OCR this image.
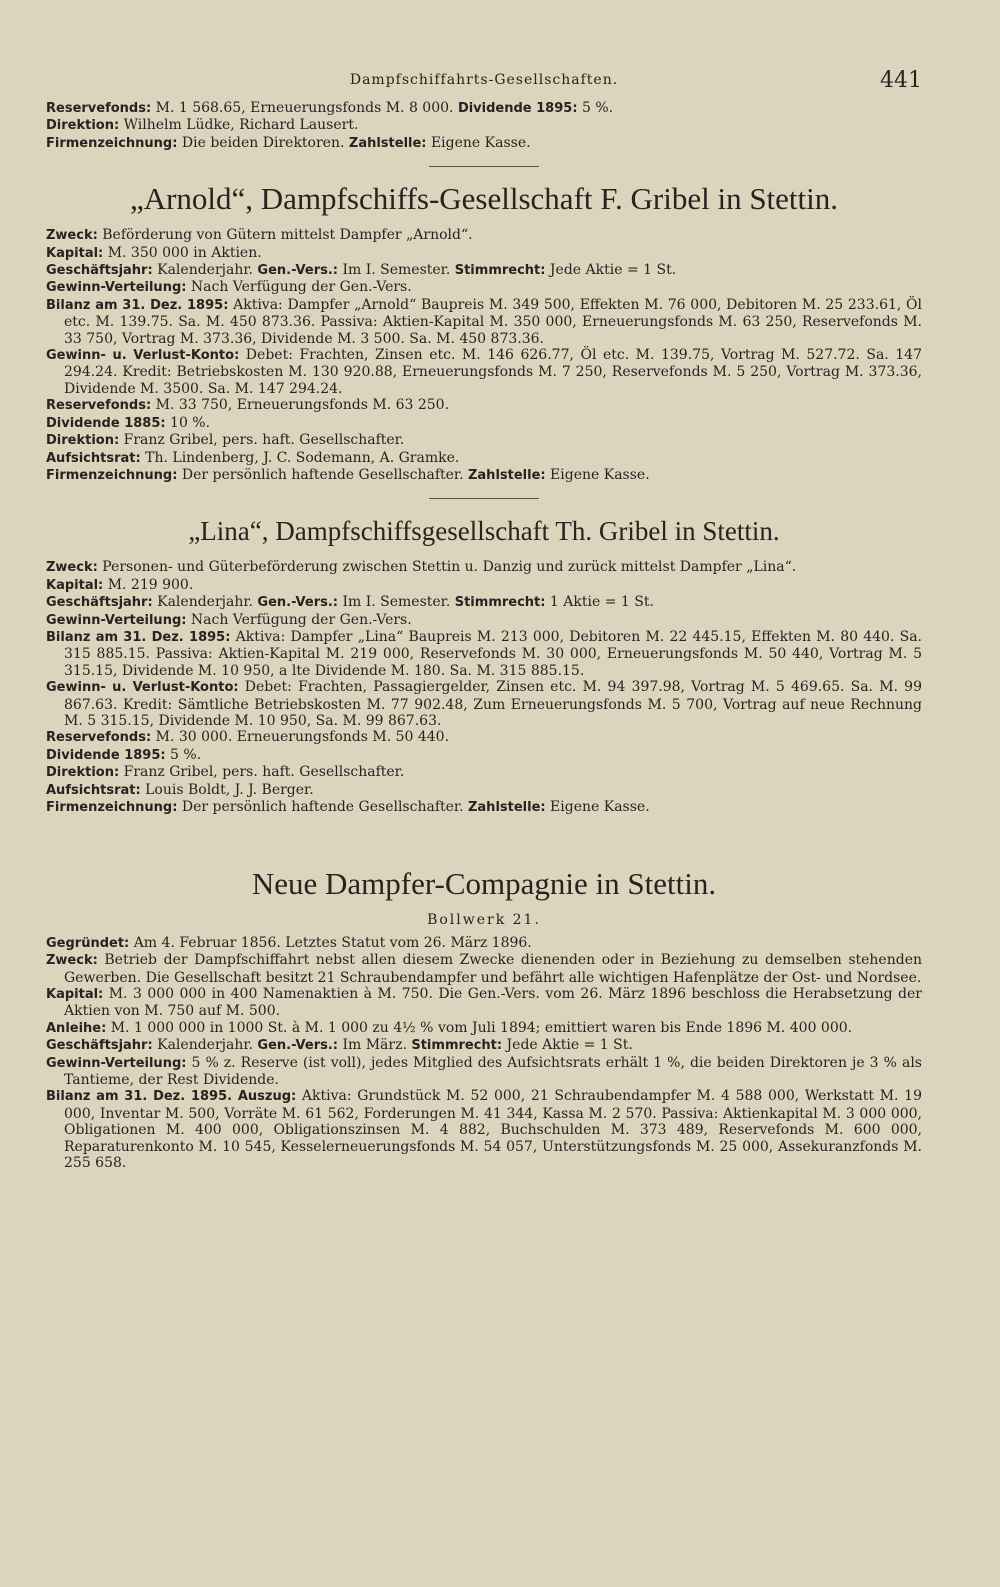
Dampfschiffahrts-Gesellschaften.	441

Reservefonds: M. 1 568.65, Erneuerungsfonds M. 8 000. Dividende 1895: 5 %.

Direktion: Wilhelm Lüdke, Richard Lausert.

Firmenzeichnung: Die beiden Direktoren. Zahlstelle: Eigene Kasse.

„Arnold“, Dampfschiffs-Gesellschaft F. Gribel in Stettin.

Zweck: Beförderung von Gütern mittelst Dampfer „Arnold“.

Kapital: M. 350 000 in Aktien.

Geschäftsjahr: Kalenderjahr. Gen.-Vers.: Im I. Semester. Stimmrecht: Jede Aktie = 1 St.

Gewinn-Verteilung: Nach Verfügung der Gen.-Vers.

Bilanz am 31. Dez. 1895: Aktiva: Dampfer „Arnold“ Baupreis M. 349 500, Effekten M. 76 000, Debitoren M. 25 233.61, Öl etc. M. 139.75. Sa. M. 450 873.36. Passiva: Aktien-Kapital M. 350 000, Erneuerungsfonds M. 63 250, Reservefonds M. 33 750, Vortrag M. 373.36, Dividende M. 3 500. Sa. M. 450 873.36.

Gewinn- u. Verlust-Konto: Debet: Frachten, Zinsen etc. M. 146 626.77, Öl etc. M. 139.75, Vortrag M. 527.72. Sa. 147 294.24. Kredit: Betriebskosten M. 130 920.88, Erneuerungsfonds M. 7 250, Reservefonds M. 5 250, Vortrag M. 373.36, Dividende M. 3500. Sa. M. 147 294.24.

Reservefonds: M. 33 750, Erneuerungsfonds M. 63 250.

Dividende 1885: 10 %.

Direktion: Franz Gribel, pers. haft. Gesellschafter.

Aufsichtsrat: Th. Lindenberg, J. C. Sodemann, A. Gramke.

Firmenzeichnung: Der persönlich haftende Gesellschafter. Zahlstelle: Eigene Kasse.

„Lina“, Dampfschiffsgesellschaft Th. Gribel in Stettin.

Zweck: Personen- und Güterbeförderung zwischen Stettin u. Danzig und zurück mittelst Dampfer „Lina“.

Kapital: M. 219 900.

Geschäftsjahr: Kalenderjahr. Gen.-Vers.: Im I. Semester. Stimmrecht: 1 Aktie = 1 St.

Gewinn-Verteilung: Nach Verfügung der Gen.-Vers.

Bilanz am 31. Dez. 1895: Aktiva: Dampfer „Lina“ Baupreis M. 213 000, Debitoren M. 22 445.15, Effekten M. 80 440. Sa. 315 885.15. Passiva: Aktien-Kapital M. 219 000, Reservefonds M. 30 000, Erneuerungsfonds M. 50 440, Vortrag M. 5 315.15, Dividende M. 10 950, a lte Dividende M. 180. Sa. M. 315 885.15.

Gewinn- u. Verlust-Konto: Debet: Frachten, Passagiergelder, Zinsen etc. M. 94 397.98, Vortrag M. 5 469.65. Sa. M. 99 867.63. Kredit: Sämtliche Betriebskosten M. 77 902.48, Zum Erneuerungsfonds M. 5 700, Vortrag auf neue Rechnung M. 5 315.15, Dividende M. 10 950, Sa. M. 99 867.63.

Reservefonds: M. 30 000. Erneuerungsfonds M. 50 440.

Dividende 1895: 5 %.

Direktion: Franz Gribel, pers. haft. Gesellschafter.

Aufsichtsrat: Louis Boldt, J. J. Berger.

Firmenzeichnung: Der persönlich haftende Gesellschafter. Zahlstelle: Eigene Kasse.

Neue Dampfer-Compagnie in Stettin.
Bollwerk 21.

Gegründet: Am 4. Februar 1856. Letztes Statut vom 26. März 1896.

Zweck: Betrieb der Dampfschiffahrt nebst allen diesem Zwecke dienenden oder in Beziehung zu demselben stehenden Gewerben. Die Gesellschaft besitzt 21 Schraubendampfer und befährt alle wichtigen Hafenplätze der Ost- und Nordsee.

Kapital: M. 3 000 000 in 400 Namenaktien à M. 750. Die Gen.-Vers. vom 26. März 1896 beschloss die Herabsetzung der Aktien von M. 750 auf M. 500.

Anleihe: M. 1 000 000 in 1000 St. à M. 1 000 zu 4½ % vom Juli 1894; emittiert waren bis Ende 1896 M. 400 000.

Geschäftsjahr: Kalenderjahr. Gen.-Vers.: Im März. Stimmrecht: Jede Aktie = 1 St.

Gewinn-Verteilung: 5 % z. Reserve (ist voll), jedes Mitglied des Aufsichtsrats erhält 1 %, die beiden Direktoren je 3 % als Tantieme, der Rest Dividende.

Bilanz am 31. Dez. 1895. Auszug: Aktiva: Grundstück M. 52 000, 21 Schraubendampfer M. 4 588 000, Werkstatt M. 19 000, Inventar M. 500, Vorräte M. 61 562, Forderungen M. 41 344, Kassa M. 2 570. Passiva: Aktienkapital M. 3 000 000, Obligationen M. 400 000, Obligationszinsen M. 4 882, Buchschulden M. 373 489, Reservefonds M. 600 000, Reparaturenkonto M. 10 545, Kesselerneuerungsfonds M. 54 057, Unterstützungsfonds M. 25 000, Assekuranzfonds M. 255 658.
